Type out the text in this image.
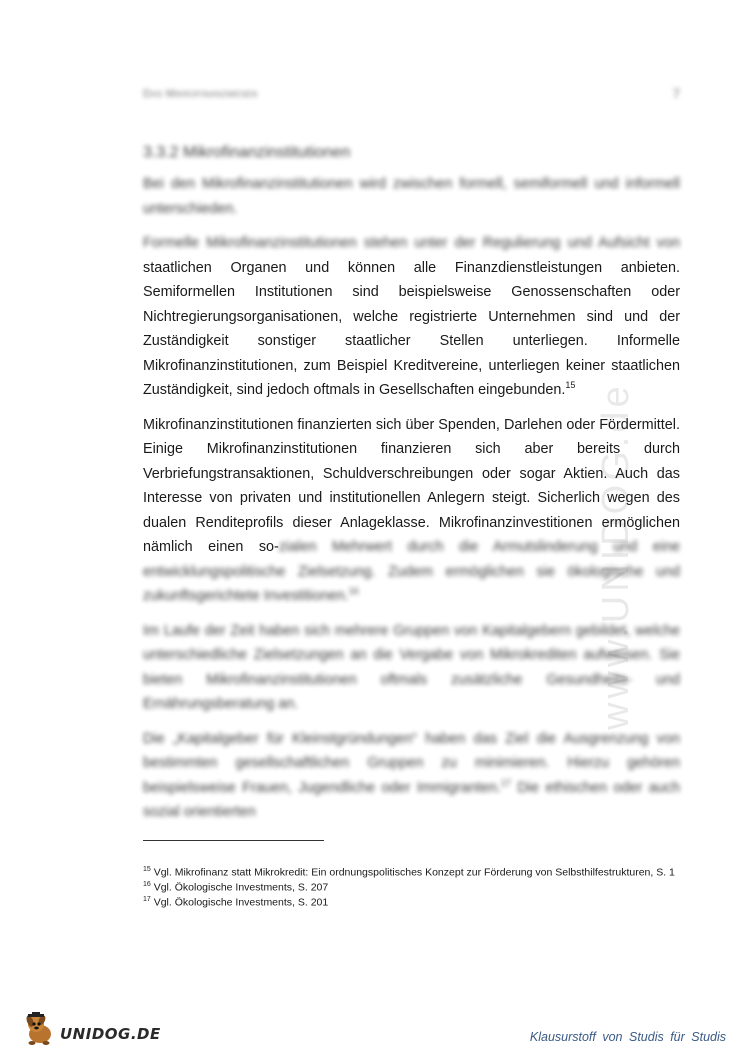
www.UNIDOG.de
Das Mikrofinanzwesen	7
3.3.2 Mikrofinanzinstitutionen

Bei den Mikrofinanzinstitutionen wird zwischen formell, semiformell und informell unterschieden.

Formelle Mikrofinanzinstitutionen stehen unter der Regulierung und Aufsicht von staatlichen Organen und können alle Finanzdienstleistungen anbieten. Semiformellen Institutionen sind beispielsweise Genossenschaften oder Nichtregierungsorganisationen, welche registrierte Unternehmen sind und der Zuständigkeit sonstiger staatlicher Stellen unterliegen. Informelle Mikrofinanzinstitutionen, zum Beispiel Kreditvereine, unterliegen keiner staatlichen Zuständigkeit, sind jedoch oftmals in Gesellschaften eingebunden.$^{15}$

Mikrofinanzinstitutionen finanzierten sich über Spenden, Darlehen oder Fördermittel. Einige Mikrofinanzinstitutionen finanzieren sich aber bereits durch Verbriefungstransaktionen, Schuldverschreibungen oder sogar Aktien. Auch das Interesse von privaten und institutionellen Anlegern steigt. Sicherlich wegen des dualen Renditeprofils dieser Anlageklasse. Mikrofinanzinvestitionen ermöglichen nämlich einen so-zialen Mehrwert durch die Armutslinderung und eine entwicklungspolitische Zielsetzung. Zudem ermöglichen sie ökologische und zukunftsgerichtete Investitionen.$^{16}$

Im Laufe der Zeit haben sich mehrere Gruppen von Kapitalgebern gebildet, welche unterschiedliche Zielsetzungen an die Vergabe von Mikrokrediten aufweisen. Sie bieten Mikrofinanzinstitutionen oftmals zusätzliche Gesundheits- und Ernährungsberatung an.

Die „Kapitalgeber für Kleinstgründungen“ haben das Ziel die Ausgrenzung von bestimmten gesellschaftlichen Gruppen zu minimieren. Hierzu gehören beispielsweise Frauen, Jugendliche oder Immigranten.$^{17}$ Die ethischen oder auch sozial orientierten

$^{15}$ Vgl. Mikrofinanz statt Mikrokredit: Ein ordnungspolitisches Konzept zur Förderung von Selbsthilfestrukturen, S. 1
$^{16}$ Vgl. Ökologische Investments, S. 207
$^{17}$ Vgl. Ökologische Investments, S. 201
UNIDOG.DE	Klausurstoff von Studis für Studis
